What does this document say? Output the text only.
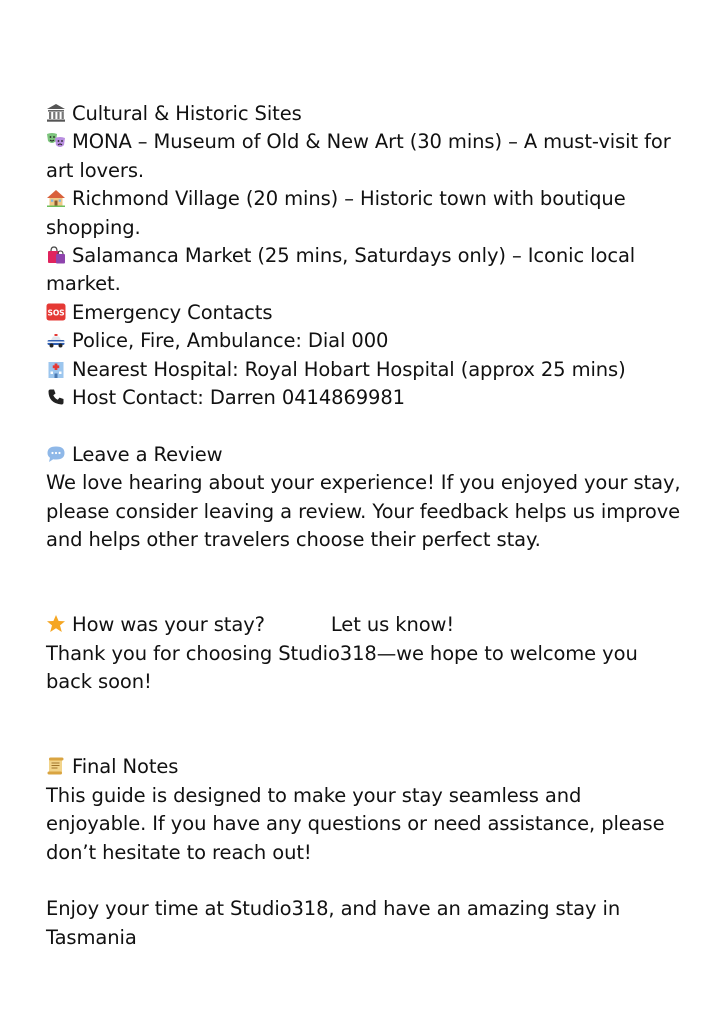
Cultural & Historic Sites
MONA – Museum of Old & New Art (30 mins) – A must-visit for art lovers.
Richmond Village (20 mins) – Historic town with boutique shopping.
Salamanca Market (25 mins, Saturdays only) – Iconic local market.
SOS Emergency Contacts
Police, Fire, Ambulance: Dial 000
Nearest Hospital: Royal Hobart Hospital (approx 25 mins)
Host Contact: Darren 0414869981
Leave a Review
We love hearing about your experience! If you enjoyed your stay, please consider leaving a review. Your feedback helps us improve and helps other travelers choose their perfect stay.
How was your stay?	Let us know!
Thank you for choosing Studio318—we hope to welcome you back soon!
Final Notes
This guide is designed to make your stay seamless and enjoyable. If you have any questions or need assistance, please don’t hesitate to reach out!
Enjoy your time at Studio318, and have an amazing stay in Tasmania
